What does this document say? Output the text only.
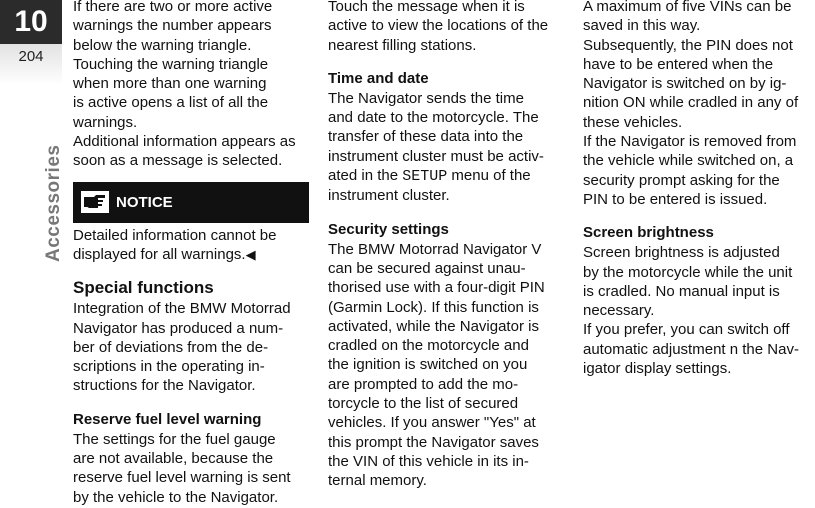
10
204
Accessories

If there are two or more active
warnings the number appears
below the warning triangle.

Touching the warning triangle
when more than one warning
is active opens a list of all the
warnings.

Additional information appears as
soon as a message is selected.

NOTICE

Detailed information cannot be
displayed for all warnings.◀

Special functions

Integration of the BMW Motorrad
Navigator has produced a num-
ber of deviations from the de-
scriptions in the operating in-
structions for the Navigator.

Reserve fuel level warning

The settings for the fuel gauge
are not available, because the
reserve fuel level warning is sent
by the vehicle to the Navigator.

Touch the message when it is
active to view the locations of the
nearest filling stations.

Time and date

The Navigator sends the time
and date to the motorcycle. The
transfer of these data into the
instrument cluster must be activ-
ated in the SETUP menu of the
instrument cluster.

Security settings

The BMW Motorrad Navigator V
can be secured against unau-
thorised use with a four-digit PIN
(Garmin Lock). If this function is
activated, while the Navigator is
cradled on the motorcycle and
the ignition is switched on you
are prompted to add the mo-
torcycle to the list of secured
vehicles. If you answer "Yes" at
this prompt the Navigator saves
the VIN of this vehicle in its in-
ternal memory.

A maximum of five VINs can be
saved in this way.

Subsequently, the PIN does not
have to be entered when the
Navigator is switched on by ig-
nition ON while cradled in any of
these vehicles.

If the Navigator is removed from
the vehicle while switched on, a
security prompt asking for the
PIN to be entered is issued.

Screen brightness

Screen brightness is adjusted
by the motorcycle while the unit
is cradled. No manual input is
necessary.

If you prefer, you can switch off
automatic adjustment n the Nav-
igator display settings.
